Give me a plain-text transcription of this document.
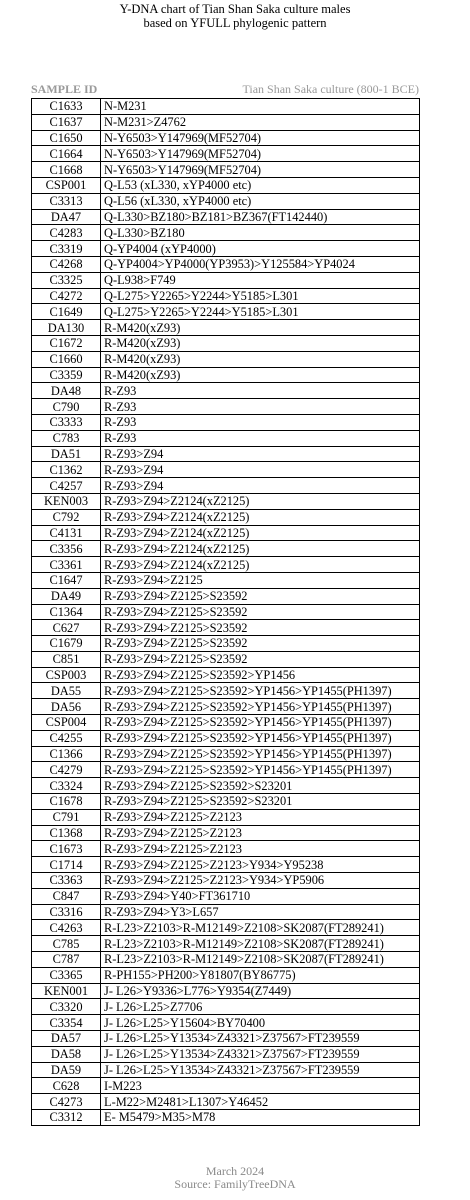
Y-DNA chart of Tian Shan Saka culture males
based on YFULL phylogenic pattern
SAMPLE ID	Tian Shan Saka culture (800-1 BCE)
C1633	N-M231
C1637	N-M231>Z4762
C1650	N-Y6503>Y147969(MF52704)
C1664	N-Y6503>Y147969(MF52704)
C1668	N-Y6503>Y147969(MF52704)
CSP001	Q-L53 (xL330, xYP4000 etc)
C3313	Q-L56 (xL330, xYP4000 etc)
DA47	Q-L330>BZ180>BZ181>BZ367(FT142440)
C4283	Q-L330>BZ180
C3319	Q-YP4004 (xYP4000)
C4268	Q-YP4004>YP4000(YP3953)>Y125584>YP4024
C3325	Q-L938>F749
C4272	Q-L275>Y2265>Y2244>Y5185>L301
C1649	Q-L275>Y2265>Y2244>Y5185>L301
DA130	R-M420(xZ93)
C1672	R-M420(xZ93)
C1660	R-M420(xZ93)
C3359	R-M420(xZ93)
DA48	R-Z93
C790	R-Z93
C3333	R-Z93
C783	R-Z93
DA51	R-Z93>Z94
C1362	R-Z93>Z94
C4257	R-Z93>Z94
KEN003	R-Z93>Z94>Z2124(xZ2125)
C792	R-Z93>Z94>Z2124(xZ2125)
C4131	R-Z93>Z94>Z2124(xZ2125)
C3356	R-Z93>Z94>Z2124(xZ2125)
C3361	R-Z93>Z94>Z2124(xZ2125)
C1647	R-Z93>Z94>Z2125
DA49	R-Z93>Z94>Z2125>S23592
C1364	R-Z93>Z94>Z2125>S23592
C627	R-Z93>Z94>Z2125>S23592
C1679	R-Z93>Z94>Z2125>S23592
C851	R-Z93>Z94>Z2125>S23592
CSP003	R-Z93>Z94>Z2125>S23592>YP1456
DA55	R-Z93>Z94>Z2125>S23592>YP1456>YP1455(PH1397)
DA56	R-Z93>Z94>Z2125>S23592>YP1456>YP1455(PH1397)
CSP004	R-Z93>Z94>Z2125>S23592>YP1456>YP1455(PH1397)
C4255	R-Z93>Z94>Z2125>S23592>YP1456>YP1455(PH1397)
C1366	R-Z93>Z94>Z2125>S23592>YP1456>YP1455(PH1397)
C4279	R-Z93>Z94>Z2125>S23592>YP1456>YP1455(PH1397)
C3324	R-Z93>Z94>Z2125>S23592>S23201
C1678	R-Z93>Z94>Z2125>S23592>S23201
C791	R-Z93>Z94>Z2125>Z2123
C1368	R-Z93>Z94>Z2125>Z2123
C1673	R-Z93>Z94>Z2125>Z2123
C1714	R-Z93>Z94>Z2125>Z2123>Y934>Y95238
C3363	R-Z93>Z94>Z2125>Z2123>Y934>YP5906
C847	R-Z93>Z94>Y40>FT361710
C3316	R-Z93>Z94>Y3>L657
C4263	R-L23>Z2103>R-M12149>Z2108>SK2087(FT289241)
C785	R-L23>Z2103>R-M12149>Z2108>SK2087(FT289241)
C787	R-L23>Z2103>R-M12149>Z2108>SK2087(FT289241)
C3365	R-PH155>PH200>Y81807(BY86775)
KEN001	J- L26>Y9336>L776>Y9354(Z7449)
C3320	J- L26>L25>Z7706
C3354	J- L26>L25>Y15604>BY70400
DA57	J- L26>L25>Y13534>Z43321>Z37567>FT239559
DA58	J- L26>L25>Y13534>Z43321>Z37567>FT239559
DA59	J- L26>L25>Y13534>Z43321>Z37567>FT239559
C628	I-M223
C4273	L-M22>M2481>L1307>Y46452
C3312	E- M5479>M35>M78
March 2024
Source: FamilyTreeDNA
